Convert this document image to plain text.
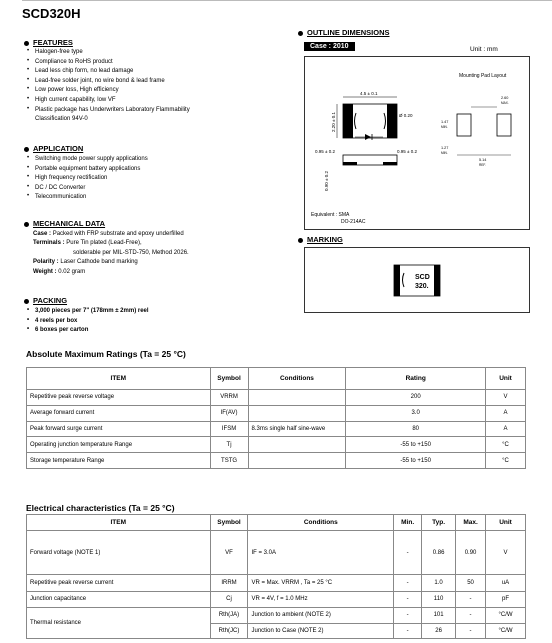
SCD320H
FEATURES
• Halogen-free type
• Compliance to RoHS product
• Lead less chip form, no lead damage
• Lead-free solder joint, no wire bond & lead frame
• Low power loss, High efficiency
• High current capability, low VF
• Plastic package has Underwriters Laboratory Flammability
Classification 94V-0
APPLICATION
• Switching mode power supply applications
• Portable equipment battery applications
• High frequency rectification
• DC / DC Converter
• Telecommunication
MECHANICAL DATA
Case : Packed with FRP substrate and epoxy underfilled
Terminals : Pure Tin plated (Lead-Free),
solderable per MIL-STD-750, Method 2026.
Polarity : Laser Cathode band marking
Weight : 0.02 gram
PACKING
• 3,000 pieces per 7" (178mm ± 2mm) reel
• 4 reels per box
• 6 boxes per carton
OUTLINE DIMENSIONS
Case : 2010	Unit : mm
4.5 ± 0.1
2.20 ± 0.1	Ø 0.20
0.95 ± 0.2	0.95 ± 0.2
0.90 ± 0.2
Mounting Pad Layout
2.60
MAX.
1.47
MIN.
1.27
MIN.
5.14
REF.
Equivalent : SMA
DO-214AC
MARKING
SCD
320.
Absolute Maximum Ratings (Ta = 25 °C)
ITEM	Symbol	Conditions	Rating	Unit
Repetitive peak reverse voltage	VRRM		200	V
Average forward current	IF(AV)		3.0	A
Peak forward surge current	IFSM	8.3ms single half sine-wave	80	A
Operating junction temperature Range	Tj		-55 to +150	°C
Storage temperature Range	TSTG		-55 to +150	°C
Electrical characteristics (Ta = 25 °C)
ITEM	Symbol	Conditions	Min.	Typ.	Max.	Unit
Forward voltage (NOTE 1)	VF	IF = 3.0A	-	0.86	0.90	V
Repetitive peak reverse current	IRRM	VR = Max. VRRM , Ta = 25 °C	-	1.0	50	uA
Junction capacitance	Cj	VR = 4V, f = 1.0 MHz	-	110	-	pF
Thermal resistance	Rth(JA)	Junction to ambient (NOTE 2)	-	101	-	°C/W
	Rth(JC)	Junction to Case (NOTE 2)	-	26	-	°C/W
